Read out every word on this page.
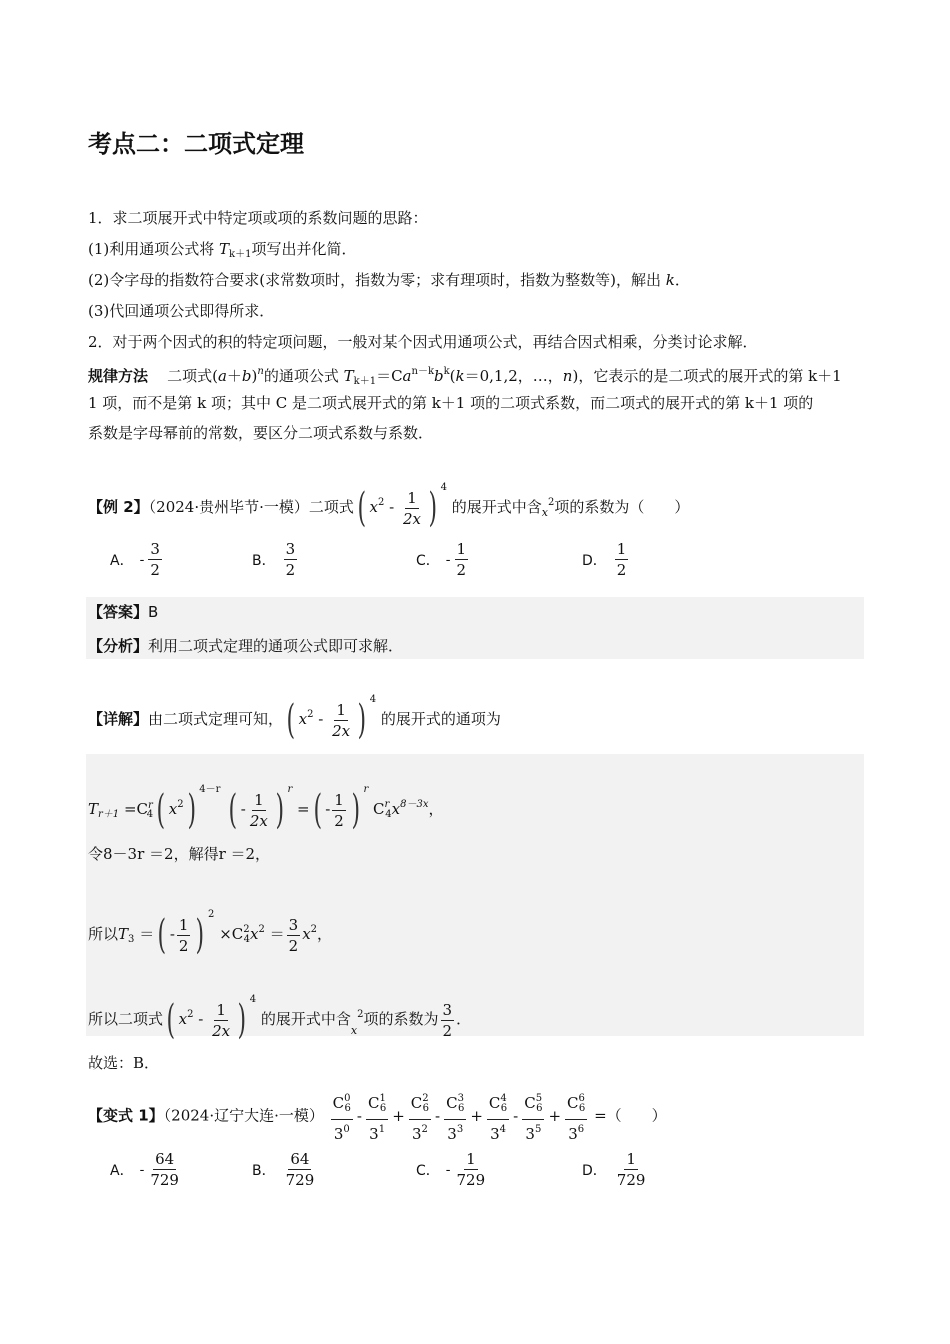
考点二：二项式定理
1．求二项展开式中特定项或项的系数问题的思路：
(1)利用通项公式将 $T_{k+1}$项写出并化简．
(2)令字母的指数符合要求(求常数项时，指数为零；求有理项时，指数为整数等)，解出 k．
(3)代回通项公式即得所求．
2．对于两个因式的积的特定项问题，一般对某个因式用通项公式，再结合因式相乘，分类讨论求解．
规律方法 二项式$(a+b)^n$的通项公式 $T_{k+1}=Ca^{n-k}b^k(k=0,1,2$，…，n)，它表示的是二项式的展开式的第 k＋1
1 项，而不是第 k 项；其中 C 是二项式展开式的第 k＋1 项的二项式系数，而二项式的展开式的第 k＋1 项的
系数是字母幂前的常数，要区分二项式系数与系数．
【例 2】（2024·贵州毕节·一模）二项式( $x^2 - \frac{1}{2x}$ ) $^4$ 的展开式中含$_x^2$项的系数为（　　）
A． - $\frac{3}{2}$	B． $\frac{3}{2}$	C． - $\frac{1}{2}$	D． $\frac{1}{2}$
【答案】B
【分析】利用二项式定理的通项公式即可求解．
【详解】由二项式定理可知，( $x^2 - \frac{1}{2x}$ ) $^4$ 的展开式的通项为
$T_{r+1} =C^r_4$( $x^2$) $^{4-r}$ ( - $\frac{1}{2x}$ ) $^r$ =( - $\frac{1}{2}$ ) $^r$ $C^r_4x^{8-3x}$，
令8－3r ＝2，解得r ＝2，
所以$T_3$ ＝( - $\frac{1}{2}$ ) $^2 \times C^2_4x^2 = \frac{3}{2} x^2$，
所以二项式( $x^2 - \frac{1}{2x}$ ) $^4$ 的展开式中含$_x^2$项的系数为 $\frac{3}{2}$ ．
故选：B．
【变式 1】（2024·辽宁大连·一模） $\frac{C^0_6}{3^0} - \frac{C^1_6}{3^1} + \frac{C^2_6}{3^2} - \frac{C^3_6}{3^3} + \frac{C^4_6}{3^4} - \frac{C^5_6}{3^5} + \frac{C^6_6}{3^6}$ =（　　）
A． - $\frac{64}{729}$	B． $\frac{64}{729}$	C． - $\frac{1}{729}$	D． $\frac{1}{729}$
